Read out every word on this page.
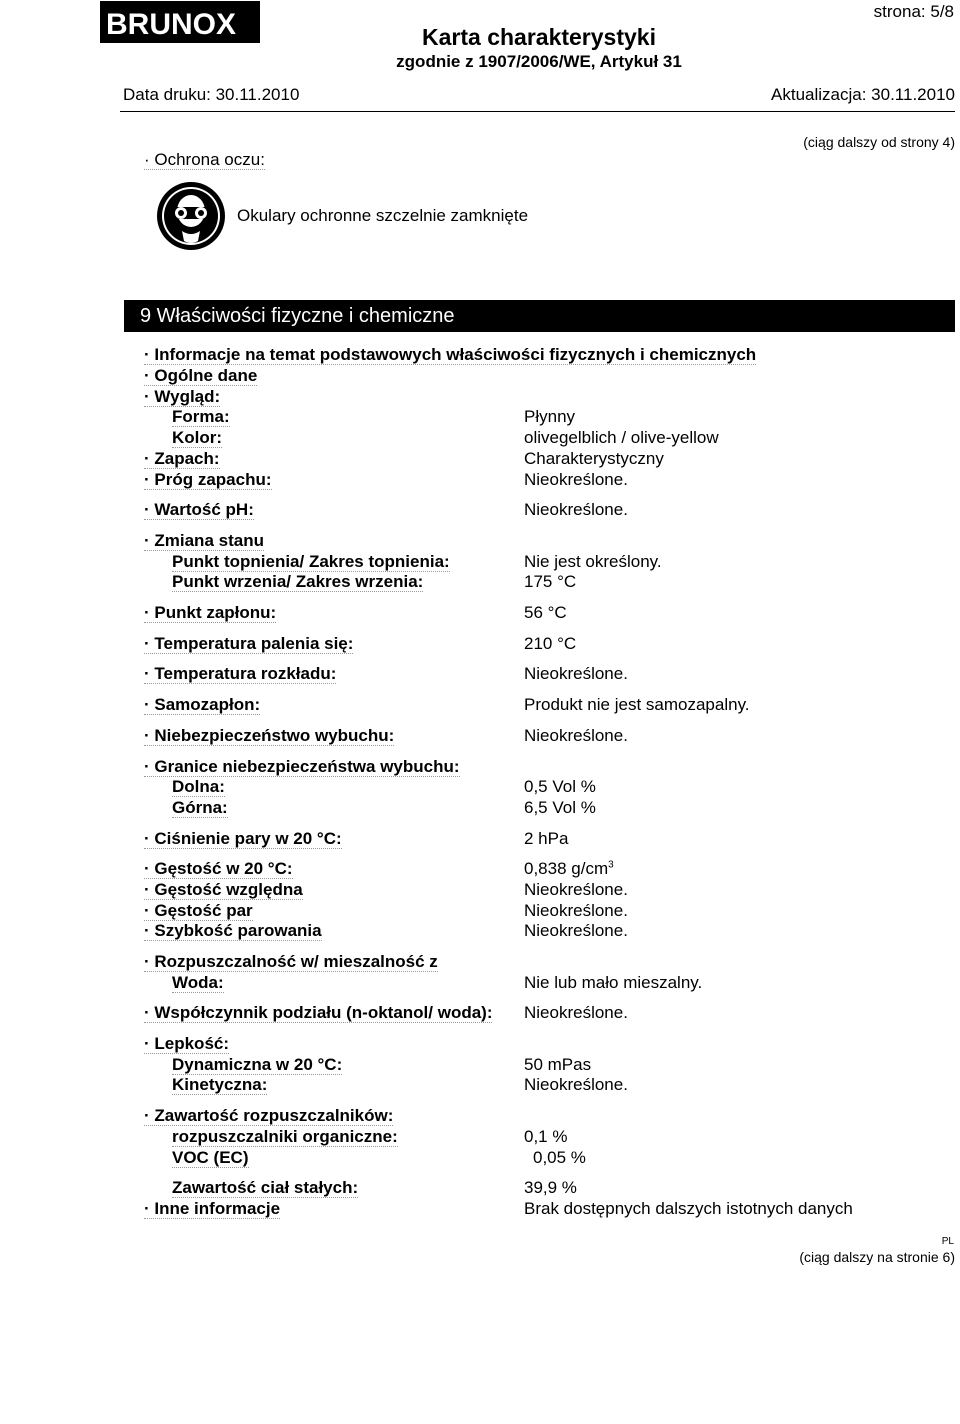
BRUNOX	strona: 5/8
Karta charakterystyki
zgodnie z 1907/2006/WE, Artykuł 31
Data druku: 30.11.2010	Aktualizacja: 30.11.2010
(ciąg dalszy od strony 4)
· Ochrona oczu:
Okulary ochronne szczelnie zamknięte
9 Właściwości fizyczne i chemiczne
· Informacje na temat podstawowych właściwości fizycznych i chemicznych
· Ogólne dane
· Wygląd:
Forma:	Płynny
Kolor:	olivegelblich / olive-yellow
· Zapach:	Charakterystyczny
· Próg zapachu:	Nieokreślone.
· Wartość pH:	Nieokreślone.
· Zmiana stanu
Punkt topnienia/ Zakres topnienia:	Nie jest określony.
Punkt wrzenia/ Zakres wrzenia:	175 °C
· Punkt zapłonu:	56 °C
· Temperatura palenia się:	210 °C
· Temperatura rozkładu:	Nieokreślone.
· Samozapłon:	Produkt nie jest samozapalny.
· Niebezpieczeństwo wybuchu:	Nieokreślone.
· Granice niebezpieczeństwa wybuchu:
Dolna:	0,5 Vol %
Górna:	6,5 Vol %
· Ciśnienie pary w 20 °C:	2 hPa
· Gęstość w 20 °C:	0,838 $g/cm^3$
· Gęstość względna	Nieokreślone.
· Gęstość par	Nieokreślone.
· Szybkość parowania	Nieokreślone.
· Rozpuszczalność w/ mieszalność z
Woda:	Nie lub mało mieszalny.
· Współczynnik podziału (n-oktanol/ woda): Nieokreślone.
· Lepkość:
Dynamiczna w 20 °C:	50 mPas
Kinetyczna:	Nieokreślone.
· Zawartość rozpuszczalników:
rozpuszczalniki organiczne:	0,1 %
VOC (EC)	0,05 %
Zawartość ciał stałych:	39,9 %
· Inne informacje	Brak dostępnych dalszych istotnych danych
PL
(ciąg dalszy na stronie 6)
